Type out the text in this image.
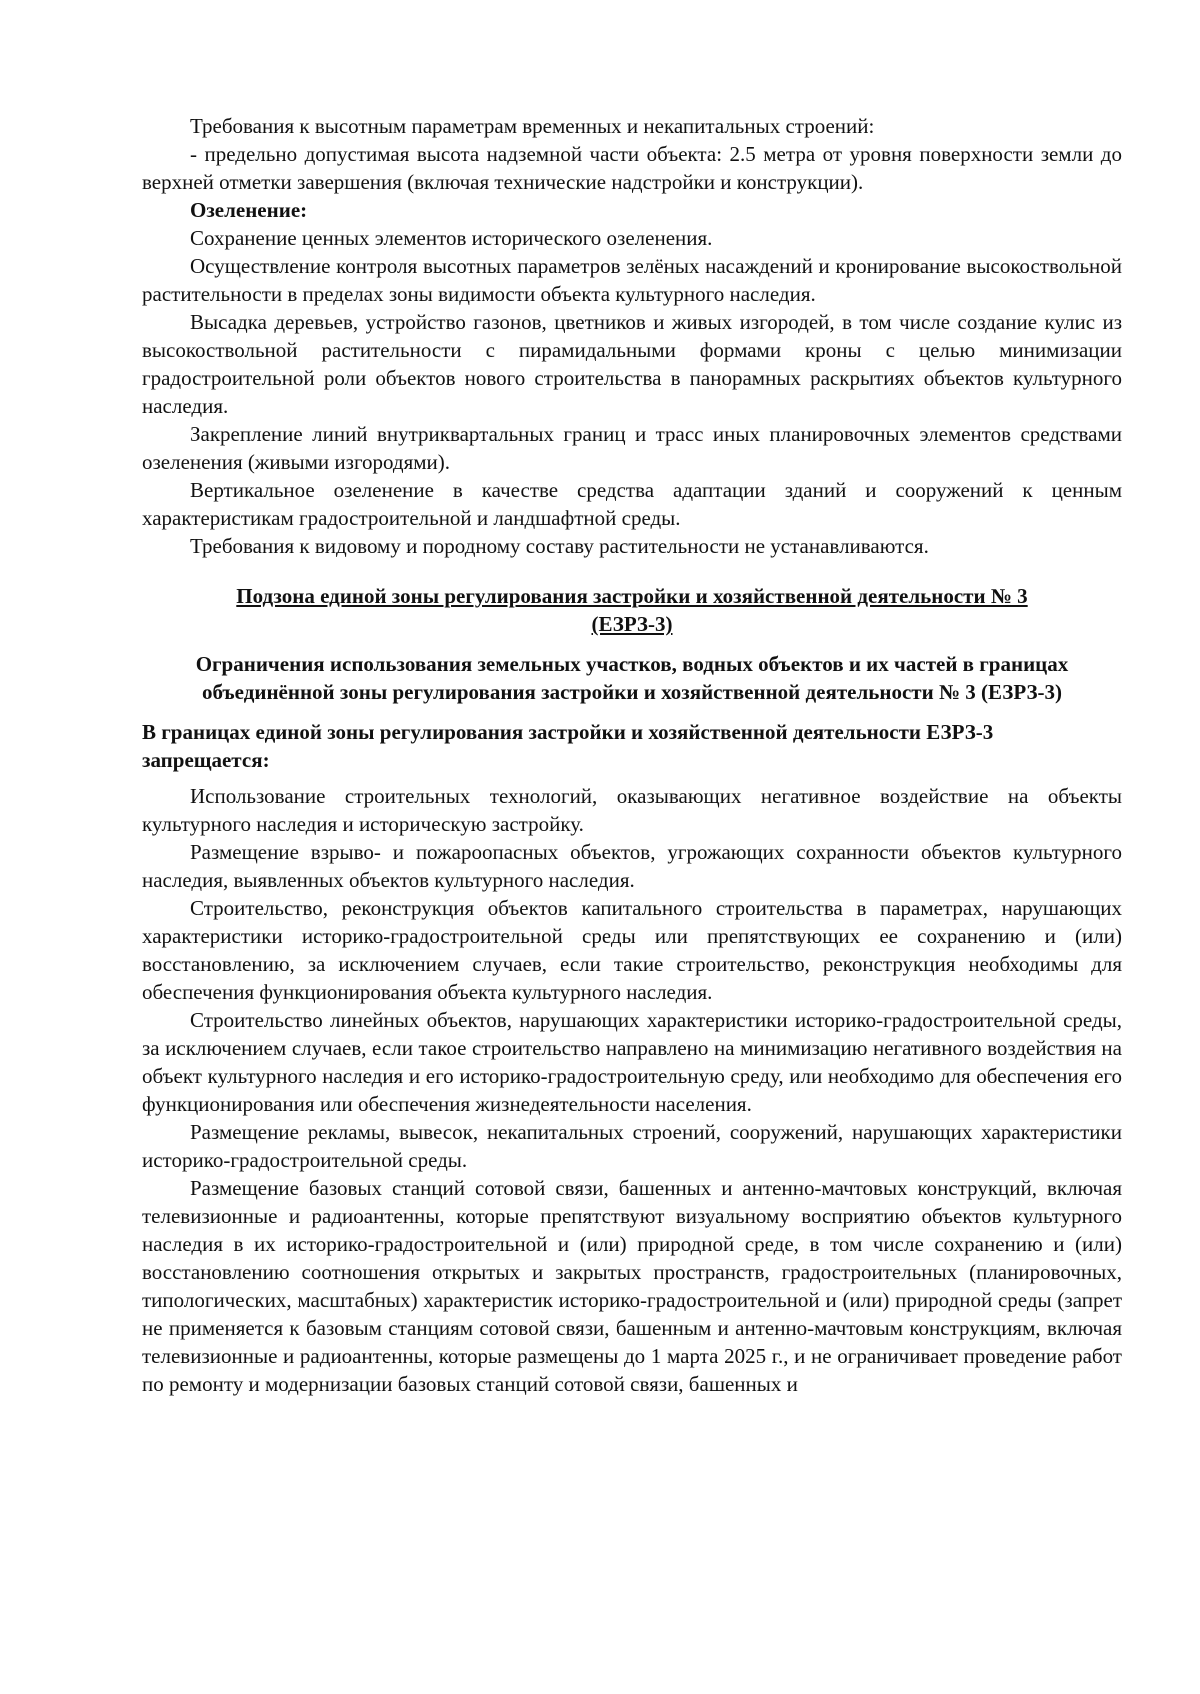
Требования к высотным параметрам временных и некапитальных строений:

- предельно допустимая высота надземной части объекта: 2.5 метра от уровня поверхности земли до верхней отметки завершения (включая технические надстройки и конструкции).

Озеленение:

Сохранение ценных элементов исторического озеленения.

Осуществление контроля высотных параметров зелёных насаждений и кронирование высокоствольной растительности в пределах зоны видимости объекта культурного наследия.

Высадка деревьев, устройство газонов, цветников и живых изгородей, в том числе создание кулис из высокоствольной растительности с пирамидальными формами кроны с целью минимизации градостроительной роли объектов нового строительства в панорамных раскрытиях объектов культурного наследия.

Закрепление линий внутриквартальных границ и трасс иных планировочных элементов средствами озеленения (живыми изгородями).

Вертикальное озеленение в качестве средства адаптации зданий и сооружений к ценным характеристикам градостроительной и ландшафтной среды.

Требования к видовому и породному составу растительности не устанавливаются.

Подзона единой зоны регулирования застройки и хозяйственной деятельности № 3

(ЕЗРЗ-3)

Ограничения использования земельных участков, водных объектов и их частей в границах объединённой зоны регулирования застройки и хозяйственной деятельности № 3 (ЕЗРЗ-3)

В границах единой зоны регулирования застройки и хозяйственной деятельности ЕЗРЗ-3 запрещается:

Использование строительных технологий, оказывающих негативное воздействие на объекты культурного наследия и историческую застройку.

Размещение взрыво- и пожароопасных объектов, угрожающих сохранности объектов культурного наследия, выявленных объектов культурного наследия.

Строительство, реконструкция объектов капитального строительства в параметрах, нарушающих характеристики историко-градостроительной среды или препятствующих ее сохранению и (или) восстановлению, за исключением случаев, если такие строительство, реконструкция необходимы для обеспечения функционирования объекта культурного наследия.

Строительство линейных объектов, нарушающих характеристики историко-градостроительной среды, за исключением случаев, если такое строительство направлено на минимизацию негативного воздействия на объект культурного наследия и его историко-градостроительную среду, или необходимо для обеспечения его функционирования или обеспечения жизнедеятельности населения.

Размещение рекламы, вывесок, некапитальных строений, сооружений, нарушающих характеристики историко-градостроительной среды.

Размещение базовых станций сотовой связи, башенных и антенно-мачтовых конструкций, включая телевизионные и радиоантенны, которые препятствуют визуальному восприятию объектов культурного наследия в их историко-градостроительной и (или) природной среде, в том числе сохранению и (или) восстановлению соотношения открытых и закрытых пространств, градостроительных (планировочных, типологических, масштабных) характеристик историко-градостроительной и (или) природной среды (запрет не применяется к базовым станциям сотовой связи, башенным и антенно-мачтовым конструкциям, включая телевизионные и радиоантенны, которые размещены до 1 марта 2025 г., и не ограничивает проведение работ по ремонту и модернизации базовых станций сотовой связи, башенных и
